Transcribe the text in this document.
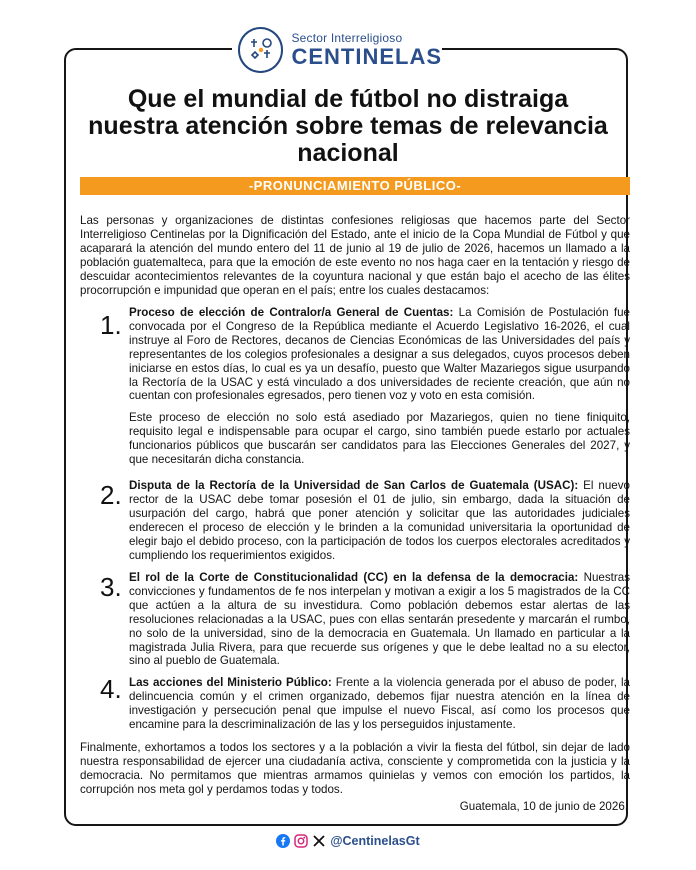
Sector Interreligioso
CENTINELAS
Que el mundial de fútbol no distraiga nuestra atención sobre temas de relevancia nacional
-PRONUNCIAMIENTO PÚBLICO-

Las personas y organizaciones de distintas confesiones religiosas que hacemos parte del Sector Interreligioso Centinelas por la Dignificación del Estado, ante el inicio de la Copa Mundial de Fútbol y que acaparará la atención del mundo entero del 11 de junio al 19 de julio de 2026, hacemos un llamado a la población guatemalteca, para que la emoción de este evento no nos haga caer en la tentación y riesgo de descuidar acontecimientos relevantes de la coyuntura nacional y que están bajo el acecho de las élites procorrupción e impunidad que operan en el país; entre los cuales destacamos:

1. Proceso de elección de Contralor/a General de Cuentas: La Comisión de Postulación fue convocada por el Congreso de la República mediante el Acuerdo Legislativo 16-2026, el cual instruye al Foro de Rectores, decanos de Ciencias Económicas de las Universidades del país y representantes de los colegios profesionales a designar a sus delegados, cuyos procesos deben iniciarse en estos días, lo cual es ya un desafío, puesto que Walter Mazariegos sigue usurpando la Rectoría de la USAC y está vinculado a dos universidades de reciente creación, que aún no cuentan con profesionales egresados, pero tienen voz y voto en esta comisión.

Este proceso de elección no solo está asediado por Mazariegos, quien no tiene finiquito, requisito legal e indispensable para ocupar el cargo, sino también puede estarlo por actuales funcionarios públicos que buscarán ser candidatos para las Elecciones Generales del 2027, y que necesitarán dicha constancia.

2. Disputa de la Rectoría de la Universidad de San Carlos de Guatemala (USAC): El nuevo rector de la USAC debe tomar posesión el 01 de julio, sin embargo, dada la situación de usurpación del cargo, habrá que poner atención y solicitar que las autoridades judiciales enderecen el proceso de elección y le brinden a la comunidad universitaria la oportunidad de elegir bajo el debido proceso, con la participación de todos los cuerpos electorales acreditados y cumpliendo los requerimientos exigidos.

3. El rol de la Corte de Constitucionalidad (CC) en la defensa de la democracia: Nuestras convicciones y fundamentos de fe nos interpelan y motivan a exigir a los 5 magistrados de la CC que actúen a la altura de su investidura. Como población debemos estar alertas de las resoluciones relacionadas a la USAC, pues con ellas sentarán presedente y marcarán el rumbo, no solo de la universidad, sino de la democracia en Guatemala. Un llamado en particular a la magistrada Julia Rivera, para que recuerde sus orígenes y que le debe lealtad no a su elector, sino al pueblo de Guatemala.

4. Las acciones del Ministerio Público: Frente a la violencia generada por el abuso de poder, la delincuencia común y el crimen organizado, debemos fijar nuestra atención en la línea de investigación y persecución penal que impulse el nuevo Fiscal, así como los procesos que encamine para la descriminalización de las y los perseguidos injustamente.

Finalmente, exhortamos a todos los sectores y a la población a vivir la fiesta del fútbol, sin dejar de lado nuestra responsabilidad de ejercer una ciudadanía activa, consciente y comprometida con la justicia y la democracia. No permitamos que mientras armamos quinielas y vemos con emoción los partidos, la corrupción nos meta gol y perdamos todas y todos.

Guatemala, 10 de junio de 2026.
@CentinelasGt
